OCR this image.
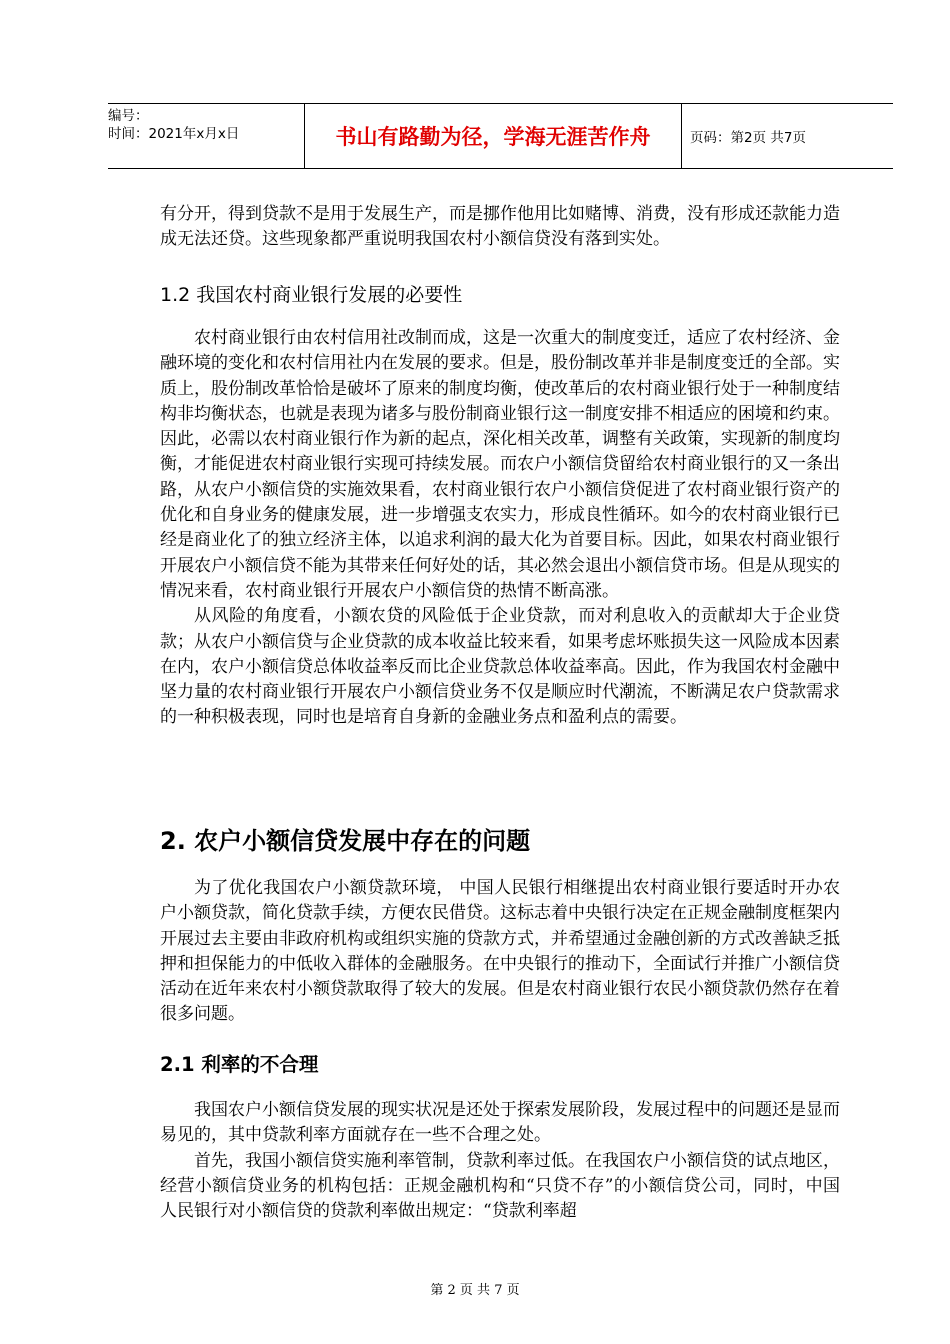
编号：
时间：2021年x月x日	书山有路勤为径，学海无涯苦作舟	页码：第2页 共7页

有分开，得到贷款不是用于发展生产，而是挪作他用比如赌博、消费，没有形成还款能力造成无法还贷。这些现象都严重说明我国农村小额信贷没有落到实处。

1.2 我国农村商业银行发展的必要性

农村商业银行由农村信用社改制而成，这是一次重大的制度变迁，适应了农村经济、金融环境的变化和农村信用社内在发展的要求。但是，股份制改革并非是制度变迁的全部。实质上，股份制改革恰恰是破坏了原来的制度均衡，使改革后的农村商业银行处于一种制度结构非均衡状态，也就是表现为诸多与股份制商业银行这一制度安排不相适应的困境和约束。因此，必需以农村商业银行作为新的起点，深化相关改革，调整有关政策，实现新的制度均衡，才能促进农村商业银行实现可持续发展。而农户小额信贷留给农村商业银行的又一条出路，从农户小额信贷的实施效果看，农村商业银行农户小额信贷促进了农村商业银行资产的优化和自身业务的健康发展，进一步增强支农实力，形成良性循环。如今的农村商业银行已经是商业化了的独立经济主体，以追求利润的最大化为首要目标。因此，如果农村商业银行开展农户小额信贷不能为其带来任何好处的话，其必然会退出小额信贷市场。但是从现实的情况来看，农村商业银行开展农户小额信贷的热情不断高涨。

从风险的角度看，小额农贷的风险低于企业贷款，而对利息收入的贡献却大于企业贷款；从农户小额信贷与企业贷款的成本收益比较来看，如果考虑坏账损失这一风险成本因素在内，农户小额信贷总体收益率反而比企业贷款总体收益率高。因此，作为我国农村金融中坚力量的农村商业银行开展农户小额信贷业务不仅是顺应时代潮流，不断满足农户贷款需求的一种积极表现，同时也是培育自身新的金融业务点和盈利点的需要。

2. 农户小额信贷发展中存在的问题

为了优化我国农户小额贷款环境， 中国人民银行相继提出农村商业银行要适时开办农户小额贷款，简化贷款手续，方便农民借贷。这标志着中央银行决定在正规金融制度框架内开展过去主要由非政府机构或组织实施的贷款方式，并希望通过金融创新的方式改善缺乏抵押和担保能力的中低收入群体的金融服务。在中央银行的推动下，全面试行并推广小额信贷活动在近年来农村小额贷款取得了较大的发展。但是农村商业银行农民小额贷款仍然存在着很多问题。

2.1 利率的不合理

我国农户小额信贷发展的现实状况是还处于探索发展阶段，发展过程中的问题还是显而易见的，其中贷款利率方面就存在一些不合理之处。

首先，我国小额信贷实施利率管制，贷款利率过低。在我国农户小额信贷的试点地区，经营小额信贷业务的机构包括：正规金融机构和“只贷不存”的小额信贷公司，同时，中国人民银行对小额信贷的贷款利率做出规定：“贷款利率超

第 2 页 共 7 页
